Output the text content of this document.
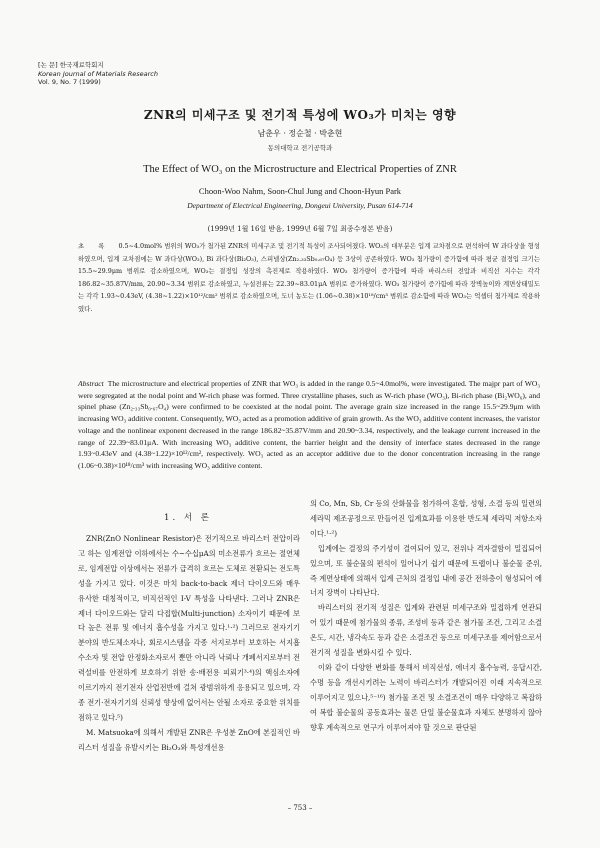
[논 문] 한국재료학회지
Korean Journal of Materials Research
Vol. 9, No. 7 (1999)
ZNR의 미세구조 및 전기적 특성에 WO₃가 미치는 영향
남춘우 · 정순철 · 박춘현
동의대학교 전기공학과
The Effect of WO₃ on the Microstructure and Electrical Properties of ZNR
Choon-Woo Nahm, Soon-Chul Jung and Choon-Hyun Park
Department of Electrical Engineering, Dongeui University, Pusan 614-714
(1999년 1월 16일 받음, 1999년 6월 7일 최종수정본 받음)
초 록 0.5~4.0mol% 범위의 WO₃가 첨가된 ZNR의 미세구조 및 전기적 특성이 조사되어졌다. WO₃의 대부분은 입계 교차점으로 편석하여 W 과다상을 형성하였으며, 입계 교차점에는 W 과다상(WO₃), Bi 과다상(Bi₂O₃), 스피넬상(Zn₂.₃₃Sb₀.₆₇O₄) 등 3상이 공존하였다. WO₃ 첨가량이 증가함에 따라 평균 결정입 크기는 15.5~29.9μm 범위로 감소하였으며, WO₃는 결정입 성장의 촉진제로 작용하였다. WO₃ 첨가량이 증가함에 따라 바리스터 전압과 비직선 지수는 각각 186.82~35.87V/mm, 20.90~3.34 범위로 감소하였고, 누설전류는 22.39~83.01μA 범위로 증가하였다. WO₃ 첨가량이 증가함에 따라 장벽높이와 계면상태밀도는 각각 1.93~0.43eV, (4.38~1.22)×10¹²/cm² 범위로 감소하였으며, 도너 농도는 (1.06~0.38)×10¹⁸/cm³ 범위로 감소함에 따라 WO₃는 억셉터 첨가제로 작용하였다.
Abstract The microstructure and electrical properties of ZNR that WO₃ is added in the range 0.5~4.0mol%, were investigated. The majpr part of WO₃ were segregated at the nodal point and W-rich phase was formed. Three crystalline phases, such as W-rich phase (WO₃), Bi-rich phase (Bi₂WO₆), and spinel phase (Zn₂.₃₃Sb₀.₆₇O₄) were confirmed to be coexisted at the nodal point. The average grain size increased in the range 15.5~29.9μm with increasing WO₃ additive content. Consequently, WO₃ acted as a promotion additive of grain growth. As the WO₃ additive content increases, the varistor voltage and the nonlinear exponent decreased in the range 186.82~35.87V/mm and 20.90~3.34, respectively, and the leakage current increased in the range of 22.39~83.01μA. With increasing WO₃ additive content, the barrier height and the density of interface states decreased in the range 1.93~0.43eV and (4.38~1.22)×10¹²/cm², respectively. WO₃ acted as an acceptor additive due to the donor concentration increasing in the range (1.06~0.38)×10¹⁸/cm³ with increasing WO₃ additive content.
1. 서 론

ZNR(ZnO Nonlinear Resistor)은 전기적으로 바리스터 전압이라고 하는 임계전압 이하에서는 수~수십μA의 미소전류가 흐르는 절연체로, 임계전압 이상에서는 전류가 급격히 흐르는 도체로 전환되는 전도특성을 가지고 있다. 이것은 마치 back-to-back 제너 다이오드와 매우 유사한 대칭적이고, 비직선적인 I-V 특성을 나타낸다. 그러나 ZNR은 제너 다이오드와는 달리 다접합(Multi-junction) 소자이기 때문에 보다 높은 전류 및 에너지 흡수성을 가지고 있다.¹·²) 그러므로 전자기기 분야의 반도체소자나, 회로시스템을 각종 서지로부터 보호하는 서지흡수소자 및 전압 안정화소자로서 뿐만 아니라 낙뢰나 개폐서지로부터 전력설비를 안전하게 보호하기 위한 송·배전용 피뢰기³·⁴)의 핵심소자에 이르기까지 전기전자 산업전반에 걸쳐 광범위하게 응용되고 있으며, 각종 전기·전자기기의 신뢰성 향상에 없어서는 안될 소자로 중요한 위치를 점하고 있다.⁵)

M. Matsuoka에 의해서 개발된 ZNR은 우성분 ZnO에 본질적인 바리스터 성질을 유발시키는 Bi₂O₃와 특성개선용

의 Co, Mn, Sb, Cr 등의 산화물을 첨가하여 혼합, 성형, 소결 등의 일련의 세라믹 제조공정으로 만들어진 입계효과를 이용한 반도체 세라믹 저항소자이다.¹·²)

입계에는 결정의 주기성이 결여되어 있고, 전위나 격자결함이 밀집되어 있으며, 또 불순물의 편석이 일어나기 쉽기 때문에 트랩이나 불순물 준위, 즉 계면상태에 의해서 입계 근처의 결정입 내에 공간 전하층이 형성되어 에너지 장벽이 나타난다.

바리스터의 전기적 성질은 입계와 관련된 미세구조와 밀접하게 연관되어 있기 때문에 첨가물의 종류, 조성비 등과 같은 첨가물 조건, 그리고 소결온도, 시간, 냉각속도 등과 같은 소결조건 등으로 미세구조를 제어함으로서 전기적 성질을 변화시킬 수 있다.

이와 같이 다양한 변화를 통해서 비직선성, 에너지 흡수능력, 응답시간, 수명 등을 개선시키려는 노력이 바리스터가 개발되어진 이래 지속적으로 이루어지고 있으나,⁵⁻¹⁶) 첨가물 조건 및 소결조건이 매우 다양하고 복잡하여 복합 불순물의 공동효과는 물론 단일 불순물효과 자체도 분명하지 않아 향후 계속적으로 연구가 이루어져야 할 것으로 판단된

– 753 –
